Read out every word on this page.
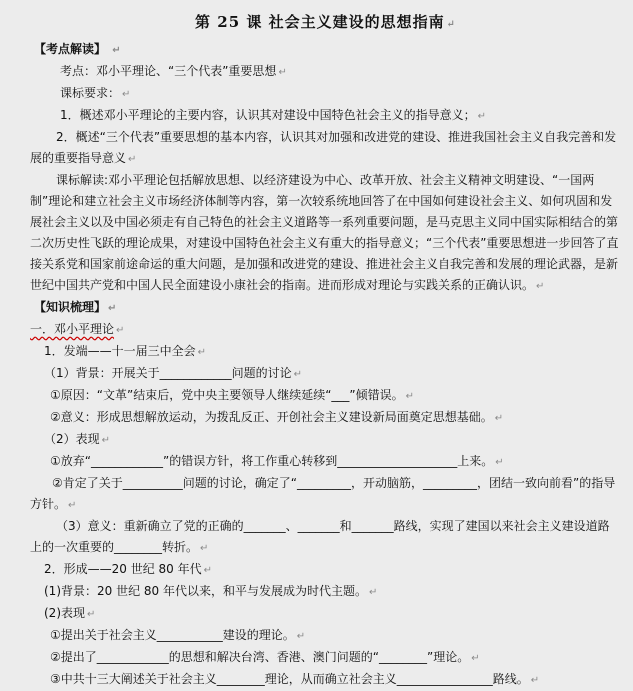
第 25 课 社会主义建设的思想指南 ↵
【考点解读】 ↵
考点：邓小平理论、“三个代表”重要思想 ↵
课标要求： ↵
1．概述邓小平理论的主要内容，认识其对建设中国特色社会主义的指导意义； ↵
2．概述“三个代表”重要思想的基本内容，认识其对加强和改进党的建设、推进我国社会主义自我完善和发展的重要指导意义 ↵
课标解读:邓小平理论包括解放思想、以经济建设为中心、改革开放、社会主义精神文明建设、“一国两制”理论和建立社会主义市场经济体制等内容，第一次较系统地回答了在中国如何建设社会主义、如何巩固和发展社会主义以及中国必须走有自己特色的社会主义道路等一系列重要问题，是马克思主义同中国实际相结合的第二次历史性飞跃的理论成果，对建设中国特色社会主义有重大的指导意义；“三个代表”重要思想进一步回答了直接关系党和国家前途命运的重大问题，是加强和改进党的建设、推进社会主义自我完善和发展的理论武器，是新世纪中国共产党和中国人民全面建设小康社会的指南。进而形成对理论与实践关系的正确认识。 ↵
【知识梳理】 ↵
一．邓小平理论 ↵
1．发端——十一届三中全会 ↵
（1）背景：开展关于____________问题的讨论 ↵
①原因：“文革”结束后，党中央主要领导人继续延续“___”倾错误。 ↵
②意义：形成思想解放运动，为拨乱反正、开创社会主义建设新局面奠定思想基础。 ↵
（2）表现 ↵
①放弃“____________”的错误方针，将工作重心转移到____________________上来。 ↵
②肯定了关于__________问题的讨论，确定了“_________，开动脑筋，_________，团结一致向前看”的指导方针。 ↵
（3）意义：重新确立了党的正确的_______、_______和_______路线，实现了建国以来社会主义建设道路上的一次重要的________转折。 ↵
2．形成——20 世纪 80 年代 ↵
(1)背景：20 世纪 80 年代以来，和平与发展成为时代主题。 ↵
(2)表现 ↵
①提出关于社会主义___________建设的理论。 ↵
②提出了____________的思想和解决台湾、香港、澳门问题的“________”理论。 ↵
③中共十三大阐述关于社会主义________理论，从而确立社会主义________________路线。 ↵
